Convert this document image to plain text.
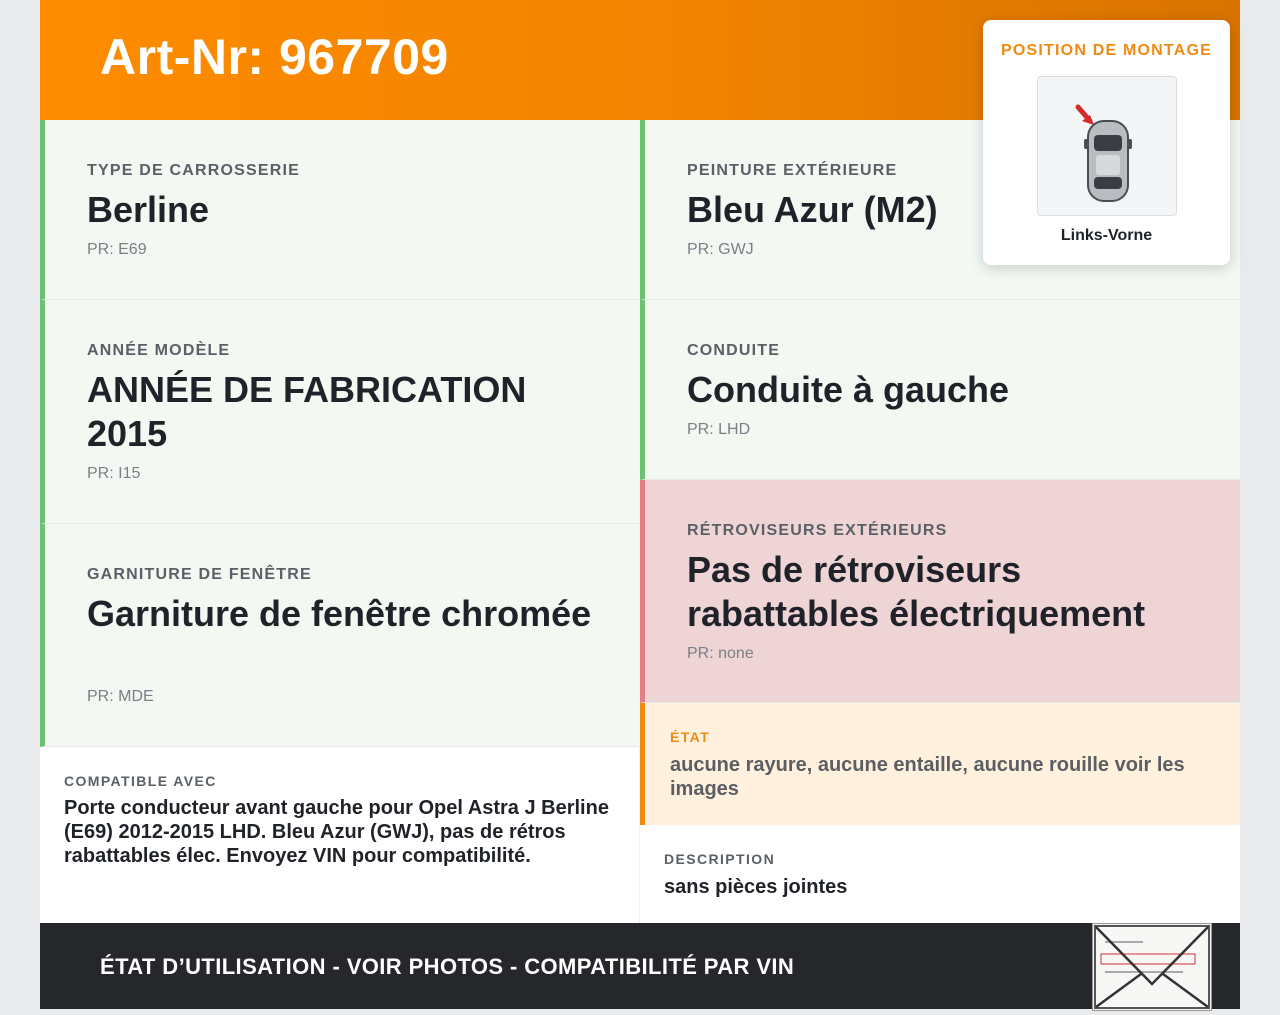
Art-Nr: 967709
TYPE DE CARROSSERIE
Berline
PR: E69
ANNÉE MODÈLE
ANNÉE DE FABRICATION 2015
PR: I15
GARNITURE DE FENÊTRE
Garniture de fenêtre chromée
PR: MDE
PEINTURE EXTÉRIEURE
Bleu Azur (M2)
PR: GWJ
CONDUITE
Conduite à gauche
PR: LHD
RÉTROVISEURS EXTÉRIEURS
Pas de rétroviseurs rabattables électriquement
PR: none
COMPATIBLE AVEC
Porte conducteur avant gauche pour Opel Astra J Berline (E69) 2012-2015 LHD. Bleu Azur (GWJ), pas de rétros rabattables élec. Envoyez VIN pour compatibilité.
ÉTAT
aucune rayure, aucune entaille, aucune rouille voir les images
DESCRIPTION
sans pièces jointes
ÉTAT D’UTILISATION - VOIR PHOTOS - COMPATIBILITÉ PAR VIN
POSITION DE MONTAGE
Links-Vorne
